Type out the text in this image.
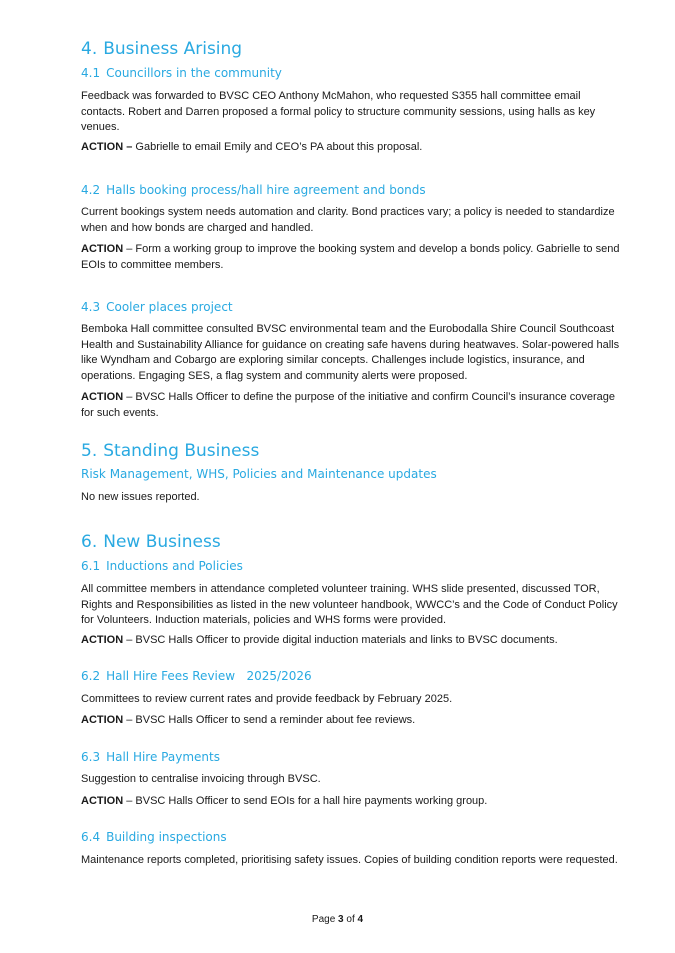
4. Business Arising
4.1 Councillors in the community

Feedback was forwarded to BVSC CEO Anthony McMahon, who requested S355 hall committee email contacts. Robert and Darren proposed a formal policy to structure community sessions, using halls as key venues.

ACTION – Gabrielle to email Emily and CEO’s PA about this proposal.

4.2 Halls booking process/hall hire agreement and bonds

Current bookings system needs automation and clarity. Bond practices vary; a policy is needed to standardize when and how bonds are charged and handled.

ACTION – Form a working group to improve the booking system and develop a bonds policy. Gabrielle to send EOIs to committee members.

4.3 Cooler places project

Bemboka Hall committee consulted BVSC environmental team and the Eurobodalla Shire Council Southcoast Health and Sustainability Alliance for guidance on creating safe havens during heatwaves. Solar-powered halls like Wyndham and Cobargo are exploring similar concepts. Challenges include logistics, insurance, and operations. Engaging SES, a flag system and community alerts were proposed.

ACTION – BVSC Halls Officer to define the purpose of the initiative and confirm Council’s insurance coverage for such events.

5. Standing Business
Risk Management, WHS, Policies and Maintenance updates

No new issues reported.

6. New Business
6.1 Inductions and Policies

All committee members in attendance completed volunteer training. WHS slide presented, discussed TOR, Rights and Responsibilities as listed in the new volunteer handbook, WWCC’s and the Code of Conduct Policy for Volunteers. Induction materials, policies and WHS forms were provided.

ACTION – BVSC Halls Officer to provide digital induction materials and links to BVSC documents.

6.2 Hall Hire Fees Review   2025/2026

Committees to review current rates and provide feedback by February 2025.

ACTION – BVSC Halls Officer to send a reminder about fee reviews.

6.3 Hall Hire Payments

Suggestion to centralise invoicing through BVSC.

ACTION – BVSC Halls Officer to send EOIs for a hall hire payments working group.

6.4 Building inspections

Maintenance reports completed, prioritising safety issues. Copies of building condition reports were requested.

Page 3 of 4
